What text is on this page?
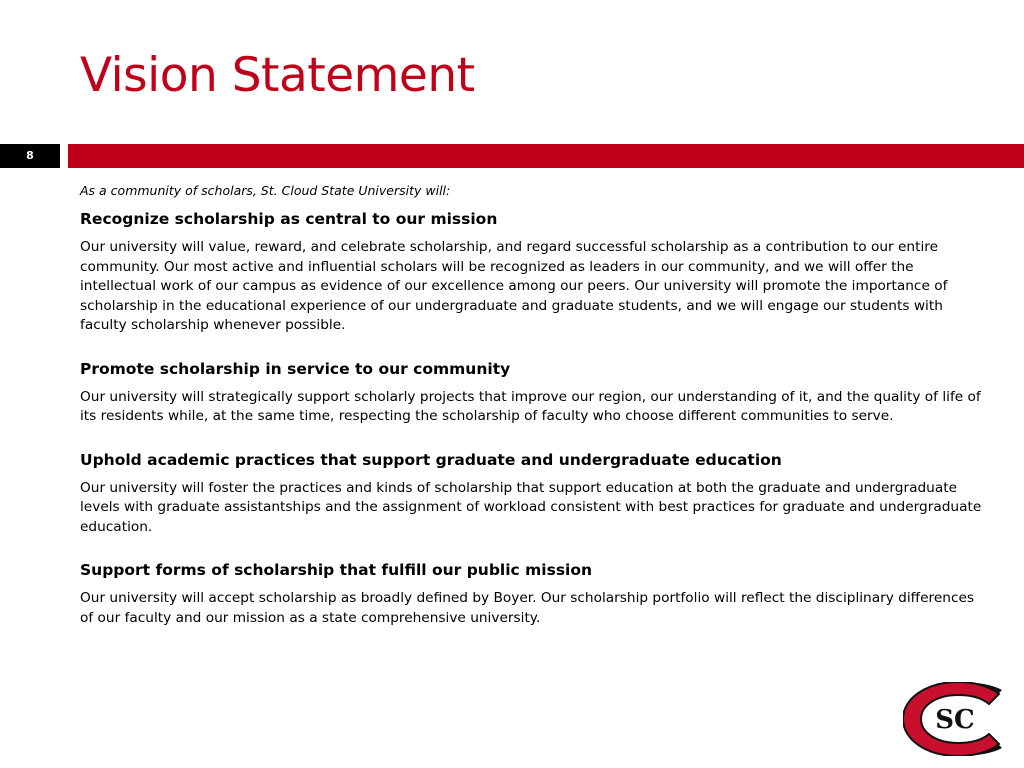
Vision Statement
8

As a community of scholars, St. Cloud State University will:

Recognize scholarship as central to our mission

Our university will value, reward, and celebrate scholarship, and regard successful scholarship as a contribution to our entire community. Our most active and influential scholars will be recognized as leaders in our community, and we will offer the intellectual work of our campus as evidence of our excellence among our peers. Our university will promote the importance of scholarship in the educational experience of our undergraduate and graduate students, and we will engage our students with faculty scholarship whenever possible.

Promote scholarship in service to our community

Our university will strategically support scholarly projects that improve our region, our understanding of it, and the quality of life of its residents while, at the same time, respecting the scholarship of faculty who choose different communities to serve.

Uphold academic practices that support graduate and undergraduate education

Our university will foster the practices and kinds of scholarship that support education at both the graduate and undergraduate levels with graduate assistantships and the assignment of workload consistent with best practices for graduate and undergraduate education.

Support forms of scholarship that fulfill our public mission

Our university will accept scholarship as broadly defined by Boyer. Our scholarship portfolio will reflect the disciplinary differences of our faculty and our mission as a state comprehensive university.

SC
